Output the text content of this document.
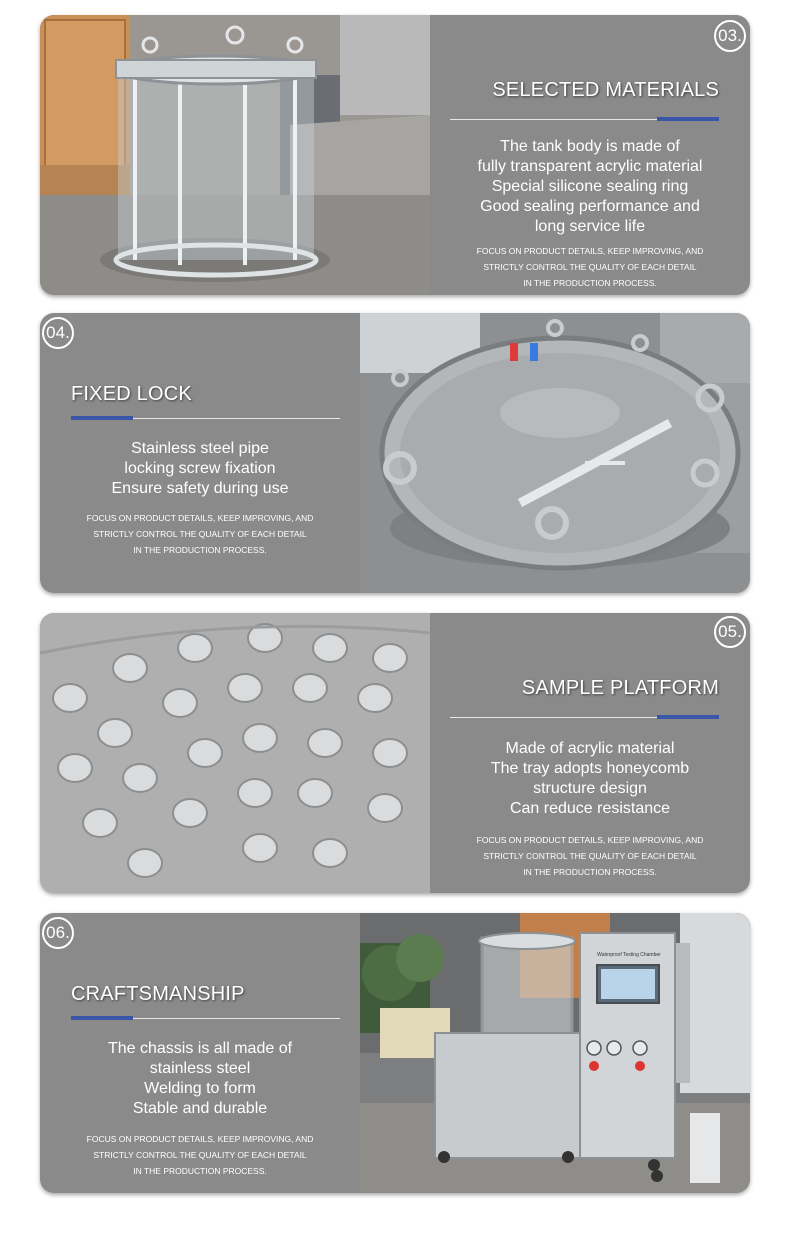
03.
SELECTED MATERIALS
The tank body is made of
fully transparent acrylic material
Special silicone sealing ring
Good sealing performance and
long service life
FOCUS ON PRODUCT DETAILS, KEEP IMPROVING, AND
STRICTLY CONTROL THE QUALITY OF EACH DETAIL
IN THE PRODUCTION PROCESS.
04.
FIXED LOCK
Stainless steel pipe
locking screw fixation
Ensure safety during use
FOCUS ON PRODUCT DETAILS, KEEP IMPROVING, AND
STRICTLY CONTROL THE QUALITY OF EACH DETAIL
IN THE PRODUCTION PROCESS.
05.
SAMPLE PLATFORM
Made of acrylic material
The tray adopts honeycomb
structure design
Can reduce resistance
FOCUS ON PRODUCT DETAILS, KEEP IMPROVING, AND
STRICTLY CONTROL THE QUALITY OF EACH DETAIL
IN THE PRODUCTION PROCESS.
06.
CRAFTSMANSHIP
The chassis is all made of
stainless steel
Welding to form
Stable and durable
FOCUS ON PRODUCT DETAILS, KEEP IMPROVING, AND
STRICTLY CONTROL THE QUALITY OF EACH DETAIL
IN THE PRODUCTION PROCESS.
Waterproof Testing Chamber
